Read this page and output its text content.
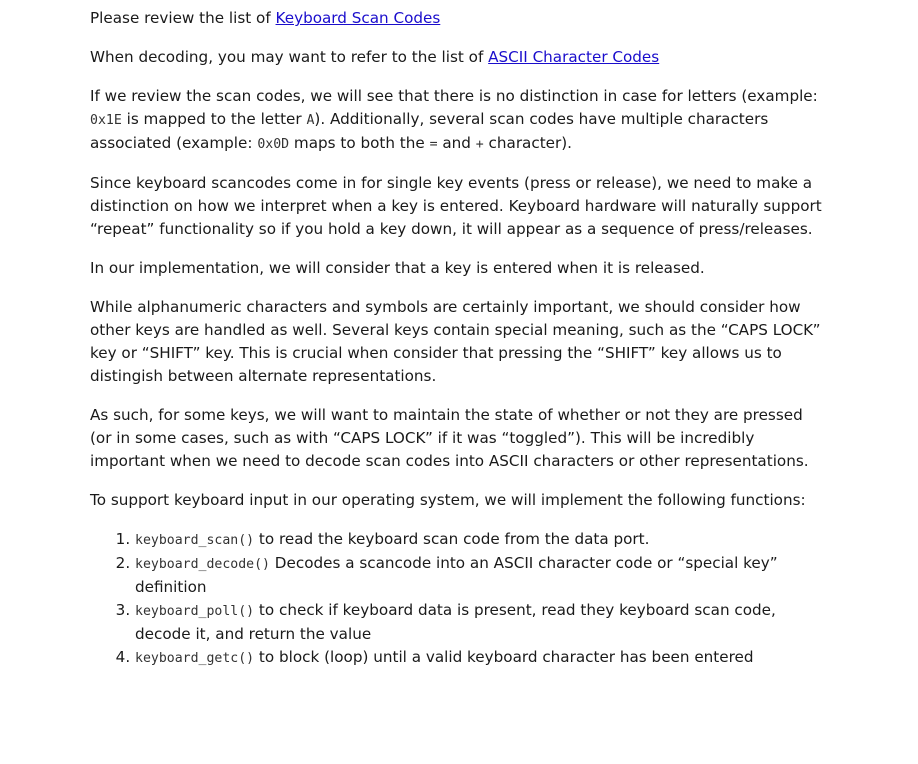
Please review the list of Keyboard Scan Codes

When decoding, you may want to refer to the list of ASCII Character Codes

If we review the scan codes, we will see that there is no distinction in case for letters (example: 0x1E is mapped to the letter A). Additionally, several scan codes have multiple characters associated (example: 0x0D maps to both the = and + character).

Since keyboard scancodes come in for single key events (press or release), we need to make a distinction on how we interpret when a key is entered. Keyboard hardware will naturally support “repeat” functionality so if you hold a key down, it will appear as a sequence of press/releases.

In our implementation, we will consider that a key is entered when it is released.

While alphanumeric characters and symbols are certainly important, we should consider how other keys are handled as well. Several keys contain special meaning, such as the “CAPS LOCK” key or “SHIFT” key. This is crucial when consider that pressing the “SHIFT” key allows us to distingish between alternate representations.

As such, for some keys, we will want to maintain the state of whether or not they are pressed (or in some cases, such as with “CAPS LOCK” if it was “toggled”). This will be incredibly important when we need to decode scan codes into ASCII characters or other representations.

To support keyboard input in our operating system, we will implement the following functions:

1. keyboard_scan() to read the keyboard scan code from the data port.
2. keyboard_decode() Decodes a scancode into an ASCII character code or “special key” definition
3. keyboard_poll() to check if keyboard data is present, read they keyboard scan code, decode it, and return the value
4. keyboard_getc() to block (loop) until a valid keyboard character has been entered
